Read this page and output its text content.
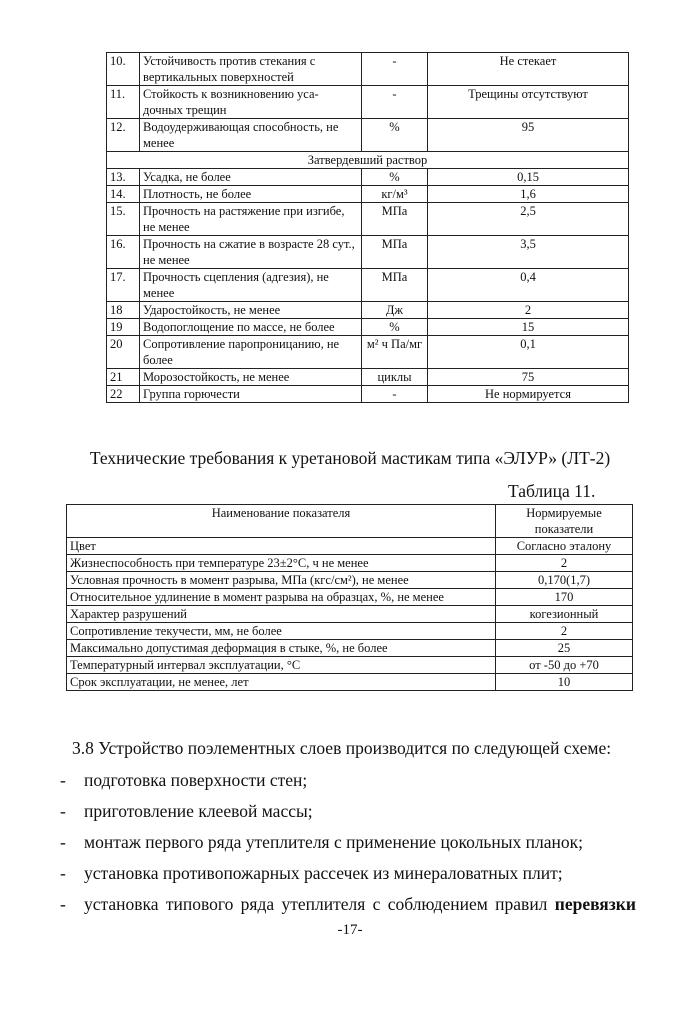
10.	Устойчивость против стекания с вертикальных поверхностей	-	Не стекает
11.	Стойкость к возникновению уса-дочных трещин	-	Трещины отсутствуют
12.	Водоудерживающая способность, не менее	%	95
Затвердевший раствор			
13.	Усадка, не более	%	0,15
14.	Плотность, не более	кг/м³	1,6
15.	Прочность на растяжение при изгибе, не менее	МПа	2,5
16.	Прочность на сжатие в возрасте 28 сут., не менее	МПа	3,5
17.	Прочность сцепления (адгезия), не менее	МПа	0,4
18	Ударостойкость, не менее	Дж	2
19	Водопоглощение по массе, не более	%	15
20	Сопротивление паропроницанию, не более	м² ч Па/мг	0,1
21	Морозостойкость, не менее	циклы	75
22	Группа горючести	-	Не нормируется
Технические требования к уретановой мастикам типа «ЭЛУР» (ЛТ-2)
Таблица 11.
Наименование показателя	Нормируемые показатели
Цвет	Согласно эталону
Жизнеспособность при температуре 23±2°С, ч не менее	2
Условная прочность в момент разрыва, МПа (кгс/см²), не менее	0,170(1,7)
Относительное удлинение в момент разрыва на образцах, %, не менее	170
Характер разрушений	когезионный
Сопротивление текучести, мм, не более	2
Максимально допустимая деформация в стыке, %, не более	25
Температурный интервал эксплуатации, °С	от -50 до +70
Срок эксплуатации, не менее, лет	10
3.8 Устройство поэлементных слоев производится по следующей схеме:
-	подготовка поверхности стен;
-	приготовление клеевой массы;
-	монтаж первого ряда утеплителя с применение цокольных планок;
-	установка противопожарных рассечек из минераловатных плит;
-	установка типового ряда утеплителя с соблюдением правил перевязки
-17-
